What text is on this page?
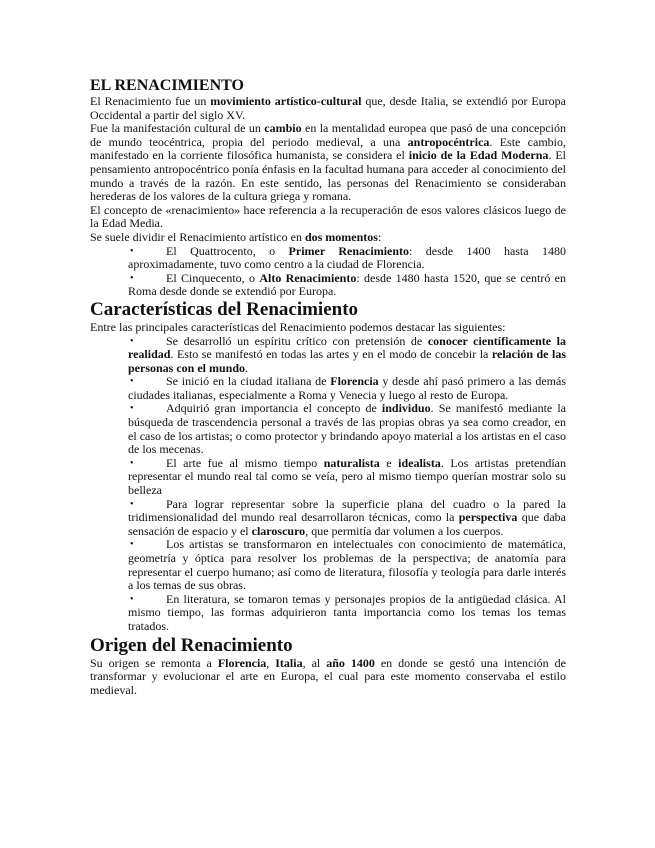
EL RENACIMIENTO

El Renacimiento fue un movimiento artístico-cultural que, desde Italia, se extendió por Europa Occidental a partir del siglo XV.

Fue la manifestación cultural de un cambio en la mentalidad europea que pasó de una concepción de mundo teocéntrica, propia del periodo medieval, a una antropocéntrica. Este cambio, manifestado en la corriente filosófica humanista, se considera el inicio de la Edad Moderna. El pensamiento antropocéntrico ponía énfasis en la facultad humana para acceder al conocimiento del mundo a través de la razón. En este sentido, las personas del Renacimiento se consideraban herederas de los valores de la cultura griega y romana.

El concepto de «renacimiento» hace referencia a la recuperación de esos valores clásicos luego de la Edad Media.

Se suele dividir el Renacimiento artístico en dos momentos:

•	El Quattrocento, o Primer Renacimiento: desde 1400 hasta 1480 aproximadamente, tuvo como centro a la ciudad de Florencia.
•	El Cinquecento, o Alto Renacimiento: desde 1480 hasta 1520, que se centró en Roma desde donde se extendió por Europa.
Características del Renacimiento

Entre las principales características del Renacimiento podemos destacar las siguientes:

•	Se desarrolló un espíritu crítico con pretensión de conocer científicamente la realidad. Esto se manifestó en todas las artes y en el modo de concebir la relación de las personas con el mundo.
•	Se inició en la ciudad italiana de Florencia y desde ahí pasó primero a las demás ciudades italianas, especialmente a Roma y Venecia y luego al resto de Europa.
•	Adquirió gran importancia el concepto de individuo. Se manifestó mediante la búsqueda de trascendencia personal a través de las propias obras ya sea como creador, en el caso de los artistas; o como protector y brindando apoyo material a los artistas en el caso de los mecenas.
•	El arte fue al mismo tiempo naturalista e idealista. Los artistas pretendían representar el mundo real tal como se veía, pero al mismo tiempo querían mostrar solo su belleza
•	Para lograr representar sobre la superficie plana del cuadro o la pared la tridimensionalidad del mundo real desarrollaron técnicas, como la perspectiva que daba sensación de espacio y el claroscuro, que permitía dar volumen a los cuerpos.
•	Los artistas se transformaron en intelectuales con conocimiento de matemática, geometría y óptica para resolver los problemas de la perspectiva; de anatomía para representar el cuerpo humano; así como de literatura, filosofía y teología para darle interés a los temas de sus obras.
•	En literatura, se tomaron temas y personajes propios de la antigüedad clásica. Al mismo tiempo, las formas adquirieron tanta importancia como los temas los temas tratados.
Origen del Renacimiento

Su origen se remonta a Florencia, Italia, al año 1400 en donde se gestó una intención de transformar y evolucionar el arte en Europa, el cual para este momento conservaba el estilo medieval.
